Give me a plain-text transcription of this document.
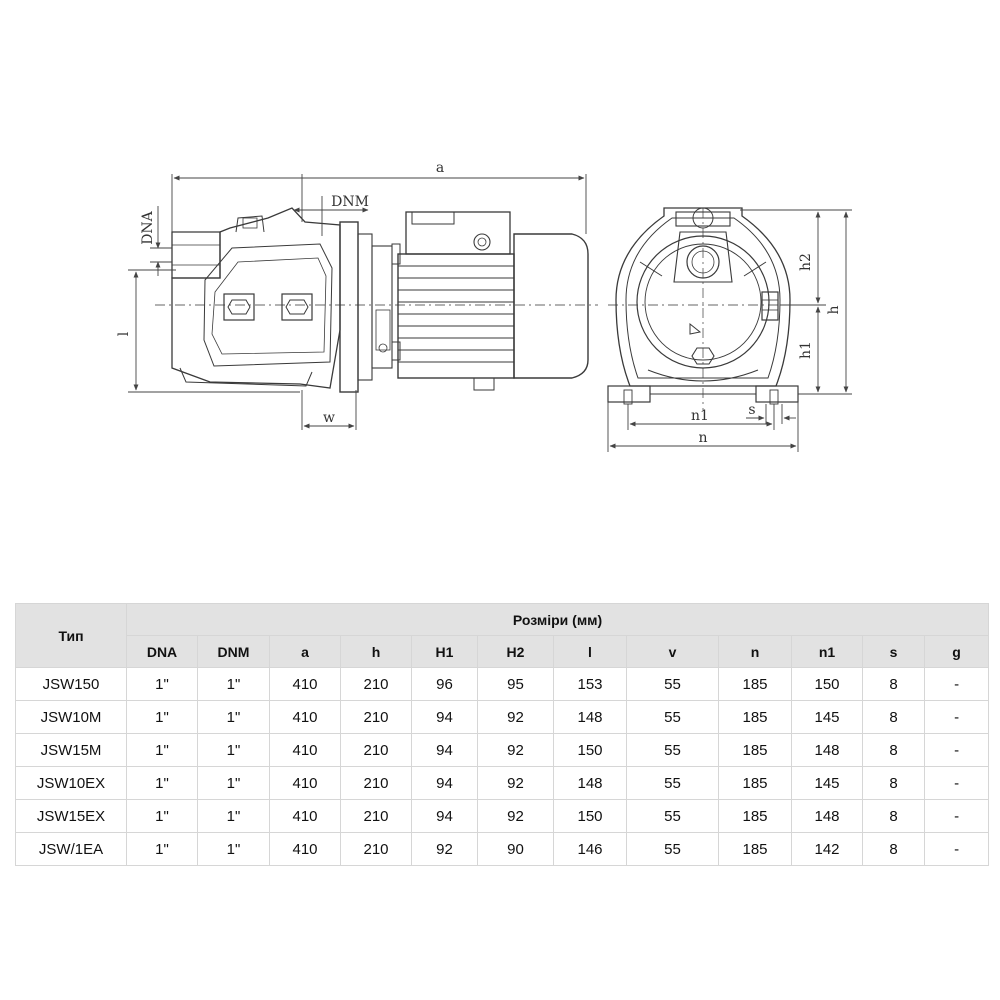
a
DNM
DNA
l
w
h2
h
h1
n1	s
n
Тип	Розміри (мм)											
	DNA	DNM	a	h	H1	H2	l	v	n	n1	s	g
JSW150	1"	1"	410	210	96	95	153	55	185	150	8	-
JSW10M	1"	1"	410	210	94	92	148	55	185	145	8	-
JSW15M	1"	1"	410	210	94	92	150	55	185	148	8	-
JSW10EX	1"	1"	410	210	94	92	148	55	185	145	8	-
JSW15EX	1"	1"	410	210	94	92	150	55	185	148	8	-
JSW/1EA	1"	1"	410	210	92	90	146	55	185	142	8	-
